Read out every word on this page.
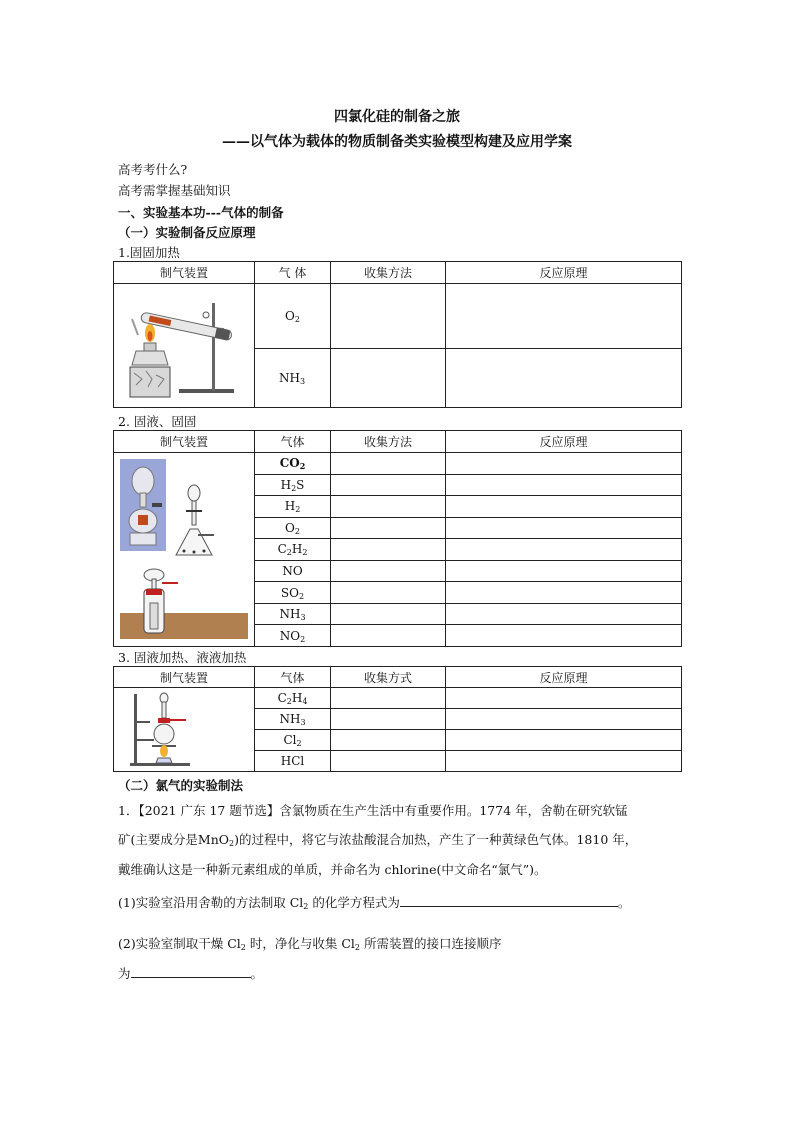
四氯化硅的制备之旅
——以气体为载体的物质制备类实验模型构建及应用学案
高考考什么?
高考需掌握基础知识
一、实验基本功---气体的制备
（一）实验制备反应原理
1.固固加热
制气装置	气 体	收集方法	反应原理
	$O_2$		
	$NH_3$		
2. 固液、固固
制气装置	气体	收集方法	反应原理
	$CO_2$		
	$H_2S$		
	$H_2$		
	$O_2$		
	$C_2H_2$		
	NO		
	$SO_2$		
	$NH_3$		
	$NO_2$		
3. 固液加热、液液加热
制气装置	气体	收集方式	反应原理
	$C_2H_4$		
	$NH_3$		
	$Cl_2$		
	HCl		
（二）氯气的实验制法
1．【2021 广东 17 题节选】含氯物质在生产生活中有重要作用。1774 年，舍勒在研究软锰
矿(主要成分是MnO$_2$)的过程中，将它与浓盐酸混合加热，产生了一种黄绿色气体。1810 年，
戴维确认这是一种新元素组成的单质，并命名为 chlorine(中文命名“氯气”)。
(1)实验室沿用舍勒的方法制取 $Cl_2$ 的化学方程式为	。
(2)实验室制取干燥 $Cl_2$ 时，净化与收集 $Cl_2$ 所需装置的接口连接顺序
为	。
